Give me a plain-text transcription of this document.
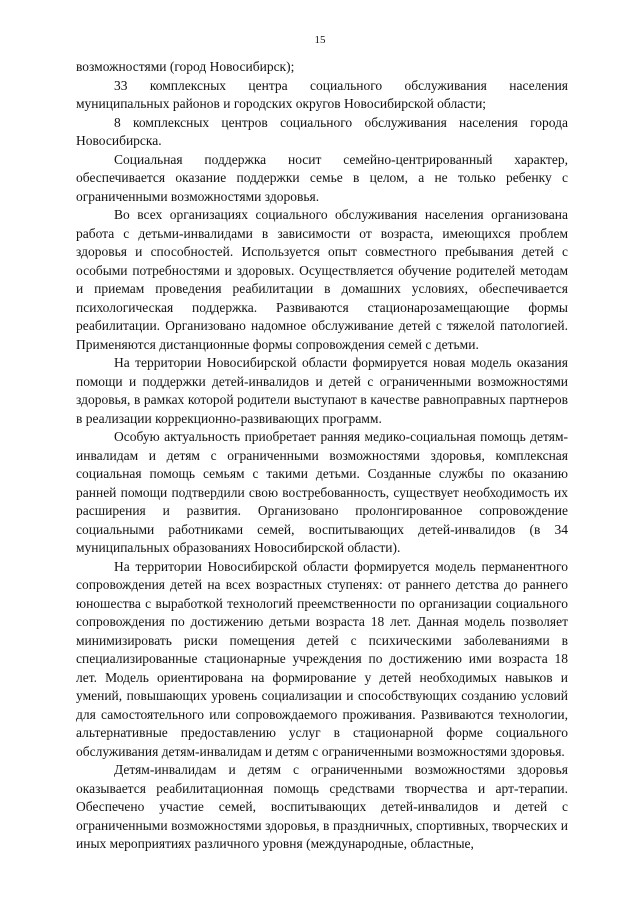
15

возможностями (город Новосибирск);

33 комплексных центра социального обслуживания населения муниципальных районов и городских округов Новосибирской области;

8 комплексных центров социального обслуживания населения города Новосибирска.

Социальная поддержка носит семейно-центрированный характер, обеспечивается оказание поддержки семье в целом, а не только ребенку с ограниченными возможностями здоровья.

Во всех организациях социального обслуживания населения организована работа с детьми-инвалидами в зависимости от возраста, имеющихся проблем здоровья и способностей. Используется опыт совместного пребывания детей с особыми потребностями и здоровых. Осуществляется обучение родителей методам и приемам проведения реабилитации в домашних условиях, обеспечивается психологическая поддержка. Развиваются стационарозамещающие формы реабилитации. Организовано надомное обслуживание детей с тяжелой патологией. Применяются дистанционные формы сопровождения семей с детьми.

На территории Новосибирской области формируется новая модель оказания помощи и поддержки детей-инвалидов и детей с ограниченными возможностями здоровья, в рамках которой родители выступают в качестве равноправных партнеров в реализации коррекционно-развивающих программ.

Особую актуальность приобретает ранняя медико-социальная помощь детям-инвалидам и детям с ограниченными возможностями здоровья, комплексная социальная помощь семьям с такими детьми. Созданные службы по оказанию ранней помощи подтвердили свою востребованность, существует необходимость их расширения и развития. Организовано пролонгированное сопровождение социальными работниками семей, воспитывающих детей-инвалидов (в 34 муниципальных образованиях Новосибирской области).

На территории Новосибирской области формируется модель перманентного сопровождения детей на всех возрастных ступенях: от раннего детства до раннего юношества с выработкой технологий преемственности по организации социального сопровождения по достижению детьми возраста 18 лет. Данная модель позволяет минимизировать риски помещения детей с психическими заболеваниями в специализированные стационарные учреждения по достижению ими возраста 18 лет. Модель ориентирована на формирование у детей необходимых навыков и умений, повышающих уровень социализации и способствующих созданию условий для самостоятельного или сопровождаемого проживания. Развиваются технологии, альтернативные предоставлению услуг в стационарной форме социального обслуживания детям-инвалидам и детям с ограниченными возможностями здоровья.

Детям-инвалидам и детям с ограниченными возможностями здоровья оказывается реабилитационная помощь средствами творчества и арт-терапии. Обеспечено участие семей, воспитывающих детей-инвалидов и детей с ограниченными возможностями здоровья, в праздничных, спортивных, творческих и иных мероприятиях различного уровня (международные, областные,
